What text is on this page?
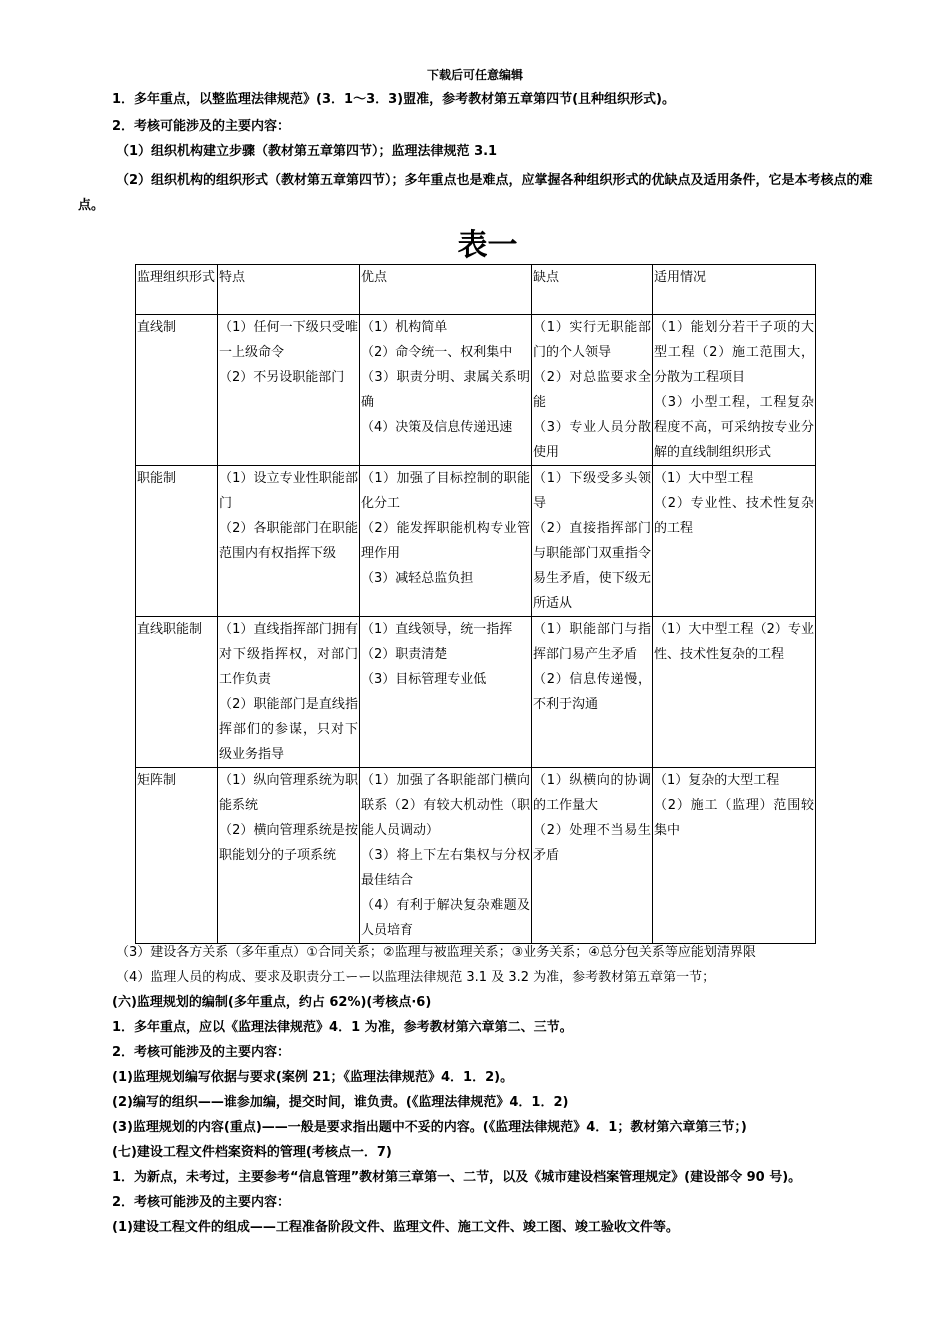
下载后可任意编辑
1．多年重点，以整监理法律规范》(3．1～3．3)盟准，参考教材第五章第四节(且种组织形式)。
2．考核可能涉及的主要内容：
（1）组织机构建立步骤（教材第五章第四节）；监理法律规范 3.1
（2）组织机构的组织形式（教材第五章第四节）；多年重点也是难点，应掌握各种组织形式的优缺点及适用条件，它是本考核点的难点。
表一
监理组织形式	特点	优点	缺点	适用情况
直线制	（1）任何一下级只受唯一上级命令
（2）不另设职能部门	（1）机构简单
（2）命令统一、权利集中
（3）职责分明、隶属关系明确
（4）决策及信息传递迅速	（1）实行无职能部门的个人领导
（2）对总监要求全能
（3）专业人员分散使用	（1）能划分若干子项的大型工程（2）施工范围大，分散为工程项目
（3）小型工程，工程复杂程度不高，可采纳按专业分解的直线制组织形式

职能制	（1）设立专业性职能部门
（2）各职能部门在职能范围内有权指挥下级	（1）加强了目标控制的职能化分工
（2）能发挥职能机构专业管理作用
（3）减轻总监负担	（1）下级受多头领导
（2）直接指挥部门与职能部门双重指令易生矛盾，使下级无所适从	（1）大中型工程
（2）专业性、技术性复杂的工程

直线职能制	（1）直线指挥部门拥有对下级指挥权，对部门工作负责
（2）职能部门是直线指挥部们的参谋，只对下级业务指导	（1）直线领导，统一指挥
（2）职责清楚
（3）目标管理专业低	（1）职能部门与指挥部门易产生矛盾
（2）信息传递慢，不利于沟通	（1）大中型工程（2）专业性、技术性复杂的工程

矩阵制	（1）纵向管理系统为职能系统
（2）横向管理系统是按职能划分的子项系统	（1）加强了各职能部门横向联系（2）有较大机动性（职能人员调动）
（3）将上下左右集权与分权最佳结合
（4）有利于解决复杂难题及人员培育	（1）纵横向的协调的工作量大
（2）处理不当易生矛盾	（1）复杂的大型工程
（2）施工（监理）范围较集中
（3）建设各方关系（多年重点）①合同关系；②监理与被监理关系；③业务关系；④总分包关系等应能划清界限
（4）监理人员的构成、要求及职责分工ーー以监理法律规范 3.1 及 3.2 为准，参考教材第五章第一节；
(六)监理规划的编制(多年重点，约占 62%)(考核点·6)
1．多年重点，应以《监理法律规范》4．1 为准，参考教材第六章第二、三节。
2．考核可能涉及的主要内容：
(1)监理规划编写依据与要求(案例 21；《监理法律规范》4．1．2)。
(2)编写的组织——谁参加编，提交时间，谁负责。(《监理法律规范》4．1．2)
(3)监理规划的内容(重点)——一般是要求指出题中不妥的内容。(《监理法律规范》4．1；教材第六章第三节；)
(七)建设工程文件档案资料的管理(考核点一．7)
1．为新点，未考过，主要参考“信息管理”教材第三章第一、二节，以及《城市建设档案管理规定》(建设部令 90 号)。
2．考核可能涉及的主要内容：
(1)建设工程文件的组成——工程准备阶段文件、监理文件、施工文件、竣工图、竣工验收文件等。
